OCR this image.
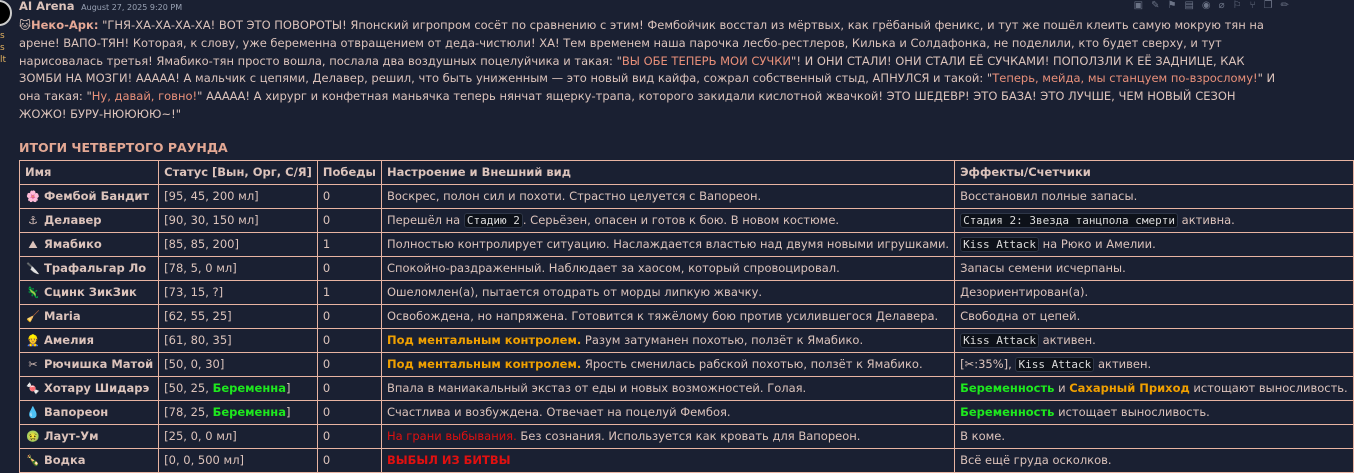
s
s
lt
▣ ✎ ⚑ ▤ ◉ ⌀ ⚐ ⑂ ❐ ✏
AI Arena August 27, 2025 9:20 PM
🐱Неко-Арк: "ГНЯ-ХА-ХА-ХА-ХА! ВОТ ЭТО ПОВОРОТЫ! Японский игропром сосёт по сравнению с этим! Фембойчик восстал из мёртвых, как грёбаный феникс, и тут же пошёл клеить самую мокрую тян на арене! ВАПО-ТЯН! Которая, к слову, уже беременна отвращением от деда-чистюли! ХА! Тем временем наша парочка лесбо-рестлеров, Килька и Солдафонка, не поделили, кто будет сверху, и тут нарисовалась третья! Ямабико-тян просто вошла, послала два воздушных поцелуйчика и такая: "ВЫ ОБЕ ТЕПЕРЬ МОИ СУЧКИ"! И ОНИ СТАЛИ! ОНИ СТАЛИ ЕЁ СУЧКАМИ! ПОПОЛЗЛИ К ЕЁ ЗАДНИЦЕ, КАК ЗОМБИ НА МОЗГИ! ААААА! А мальчик с цепями, Делавер, решил, что быть униженным — это новый вид кайфа, сожрал собственный стыд, АПНУЛСЯ и такой: "Теперь, мейда, мы станцуем по-взрослому!" И она такая: "Ну, давай, говно!" ААААА! А хирург и конфетная маньячка теперь нянчат ящерку-трапа, которого закидали кислотной жвачкой! ЭТО ШЕДЕВР! ЭТО БАЗА! ЭТО ЛУЧШЕ, ЧЕМ НОВЫЙ СЕЗОН ЖОЖО! БУРУ-НЮЮЮЮ~!"
ИТОГИ ЧЕТВЕРТОГО РАУНДА
Имя	Статус [Вын, Орг, С/Я]	Победы	Настроение и Внешний вид	Эффекты/Счетчики
🌸 Фембой Бандит	[95, 45, 200 мл]	0	Воскрес, полон сил и похоти. Страстно целуется с Вапореон.	Восстановил полные запасы.
⚓ Делавер	[90, 30, 150 мл]	0	Перешёл на Стадию 2 . Серьёзен, опасен и готов к бою. В новом костюме.	Стадия 2: Звезда танцпола смерти активна.
⛰ Ямабико	[85, 85, 200]	1	Полностью контролирует ситуацию. Наслаждается властью над двумя новыми игрушками.	Kiss Attack на Рюко и Амелии.
🔪 Трафальгар Ло	[78, 5, 0 мл]	0	Спокойно-раздраженный. Наблюдает за хаосом, который спровоцировал.	Запасы семени исчерпаны.
🦎 Сцинк ЗикЗик	[73, 15, ?]	1	Ошеломлен(а), пытается отодрать от морды липкую жвачку.	Дезориентирован(а).
🧹 Maria	[62, 55, 25]	0	Освобождена, но напряжена. Готовится к тяжёлому бою против усилившегося Делавера.	Свободна от цепей.
👷 Амелия	[61, 80, 35]	0	Под ментальным контролем. Разум затуманен похотью, ползёт к Ямабико.	Kiss Attack активен.
✂ Рючишка Матой	[50, 0, 30]	0	Под ментальным контролем. Ярость сменилась рабской похотью, ползёт к Ямабико.	[✂:35%], Kiss Attack активен.
🍬 Хотару Шидарэ	[50, 25, Беременна]	0	Впала в маниакальный экстаз от еды и новых возможностей. Голая.	Беременность и Сахарный Приход истощают выносливость.
💧 Вапореон	[78, 25, Беременна]	0	Счастлива и возбуждена. Отвечает на поцелуй Фембоя.	Беременность истощает выносливость.
🤢 Лаут-Ум	[25, 0, 0 мл]	0	На грани выбывания. Без сознания. Используется как кровать для Вапореон.	В коме.
🍾 Водка	[0, 0, 500 мл]	0	ВЫБЫЛ ИЗ БИТВЫ	Всё ещё груда осколков.
